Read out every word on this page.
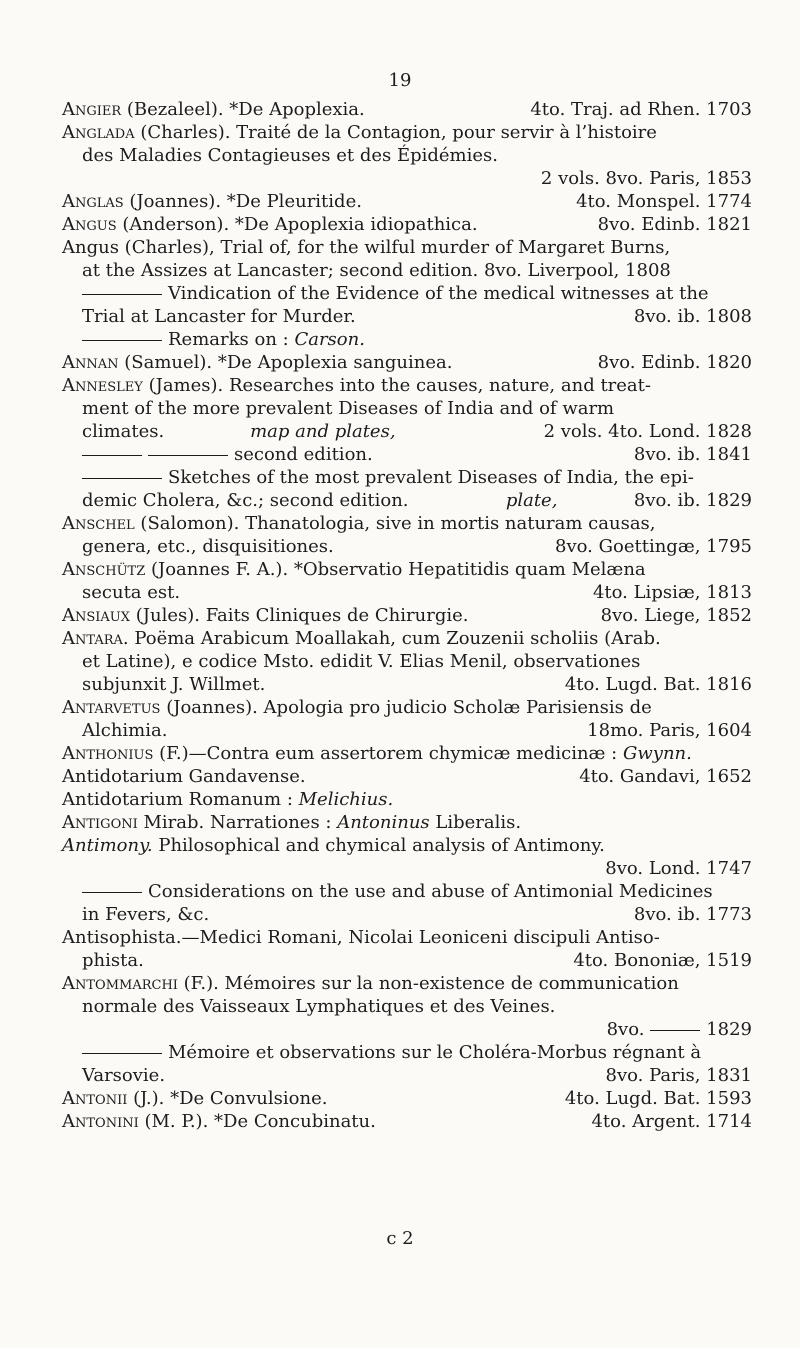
19
Angier (Bezaleel). *De Apoplexia.	4to. Traj. ad Rhen. 1703
Anglada (Charles). Traité de la Contagion, pour servir à l’histoire
des Maladies Contagieuses et des Épidémies.
2 vols. 8vo. Paris, 1853
Anglas (Joannes). *De Pleuritide.	4to. Monspel. 1774
Angus (Anderson). *De Apoplexia idiopathica.	8vo. Edinb. 1821
Angus (Charles), Trial of, for the wilful murder of Margaret Burns,
at the Assizes at Lancaster; second edition. 8vo. Liverpool, 1808
Vindication of the Evidence of the medical witnesses at the
Trial at Lancaster for Murder.	8vo. ib. 1808
Remarks on : Carson.
Annan (Samuel). *De Apoplexia sanguinea.	8vo. Edinb. 1820
Annesley (James). Researches into the causes, nature, and treat-
ment of the more prevalent Diseases of India and of warm
climates.	map and plates,	2 vols. 4to. Lond. 1828
second edition.	8vo. ib. 1841
Sketches of the most prevalent Diseases of India, the epi-
demic Cholera, &c.; second edition.	plate,	8vo. ib. 1829
Anschel (Salomon). Thanatologia, sive in mortis naturam causas,
genera, etc., disquisitiones.	8vo. Goettingæ, 1795
Anschütz (Joannes F. A.). *Observatio Hepatitidis quam Melæna
secuta est.	4to. Lipsiæ, 1813
Ansiaux (Jules). Faits Cliniques de Chirurgie.	8vo. Liege, 1852
Antara. Poëma Arabicum Moallakah, cum Zouzenii scholiis (Arab.
et Latine), e codice Msto. edidit V. Elias Menil, observationes
subjunxit J. Willmet.	4to. Lugd. Bat. 1816
Antarvetus (Joannes). Apologia pro judicio Scholæ Parisiensis de
Alchimia.	18mo. Paris, 1604
Anthonius (F.)—Contra eum assertorem chymicæ medicinæ : Gwynn.
Antidotarium Gandavense.	4to. Gandavi, 1652
Antidotarium Romanum : Melichius.
Antigoni Mirab. Narrationes : Antoninus Liberalis.
Antimony. Philosophical and chymical analysis of Antimony.
8vo. Lond. 1747
Considerations on the use and abuse of Antimonial Medicines
in Fevers, &c.	8vo. ib. 1773
Antisophista.—Medici Romani, Nicolai Leoniceni discipuli Antiso-
phista.	4to. Bononiæ, 1519
Antommarchi (F.). Mémoires sur la non-existence de communication
normale des Vaisseaux Lymphatiques et des Veines.
8vo.	1829
Mémoire et observations sur le Choléra-Morbus régnant à
Varsovie.	8vo. Paris, 1831
Antonii (J.). *De Convulsione.	4to. Lugd. Bat. 1593
Antonini (M. P.). *De Concubinatu.	4to. Argent. 1714
c 2
